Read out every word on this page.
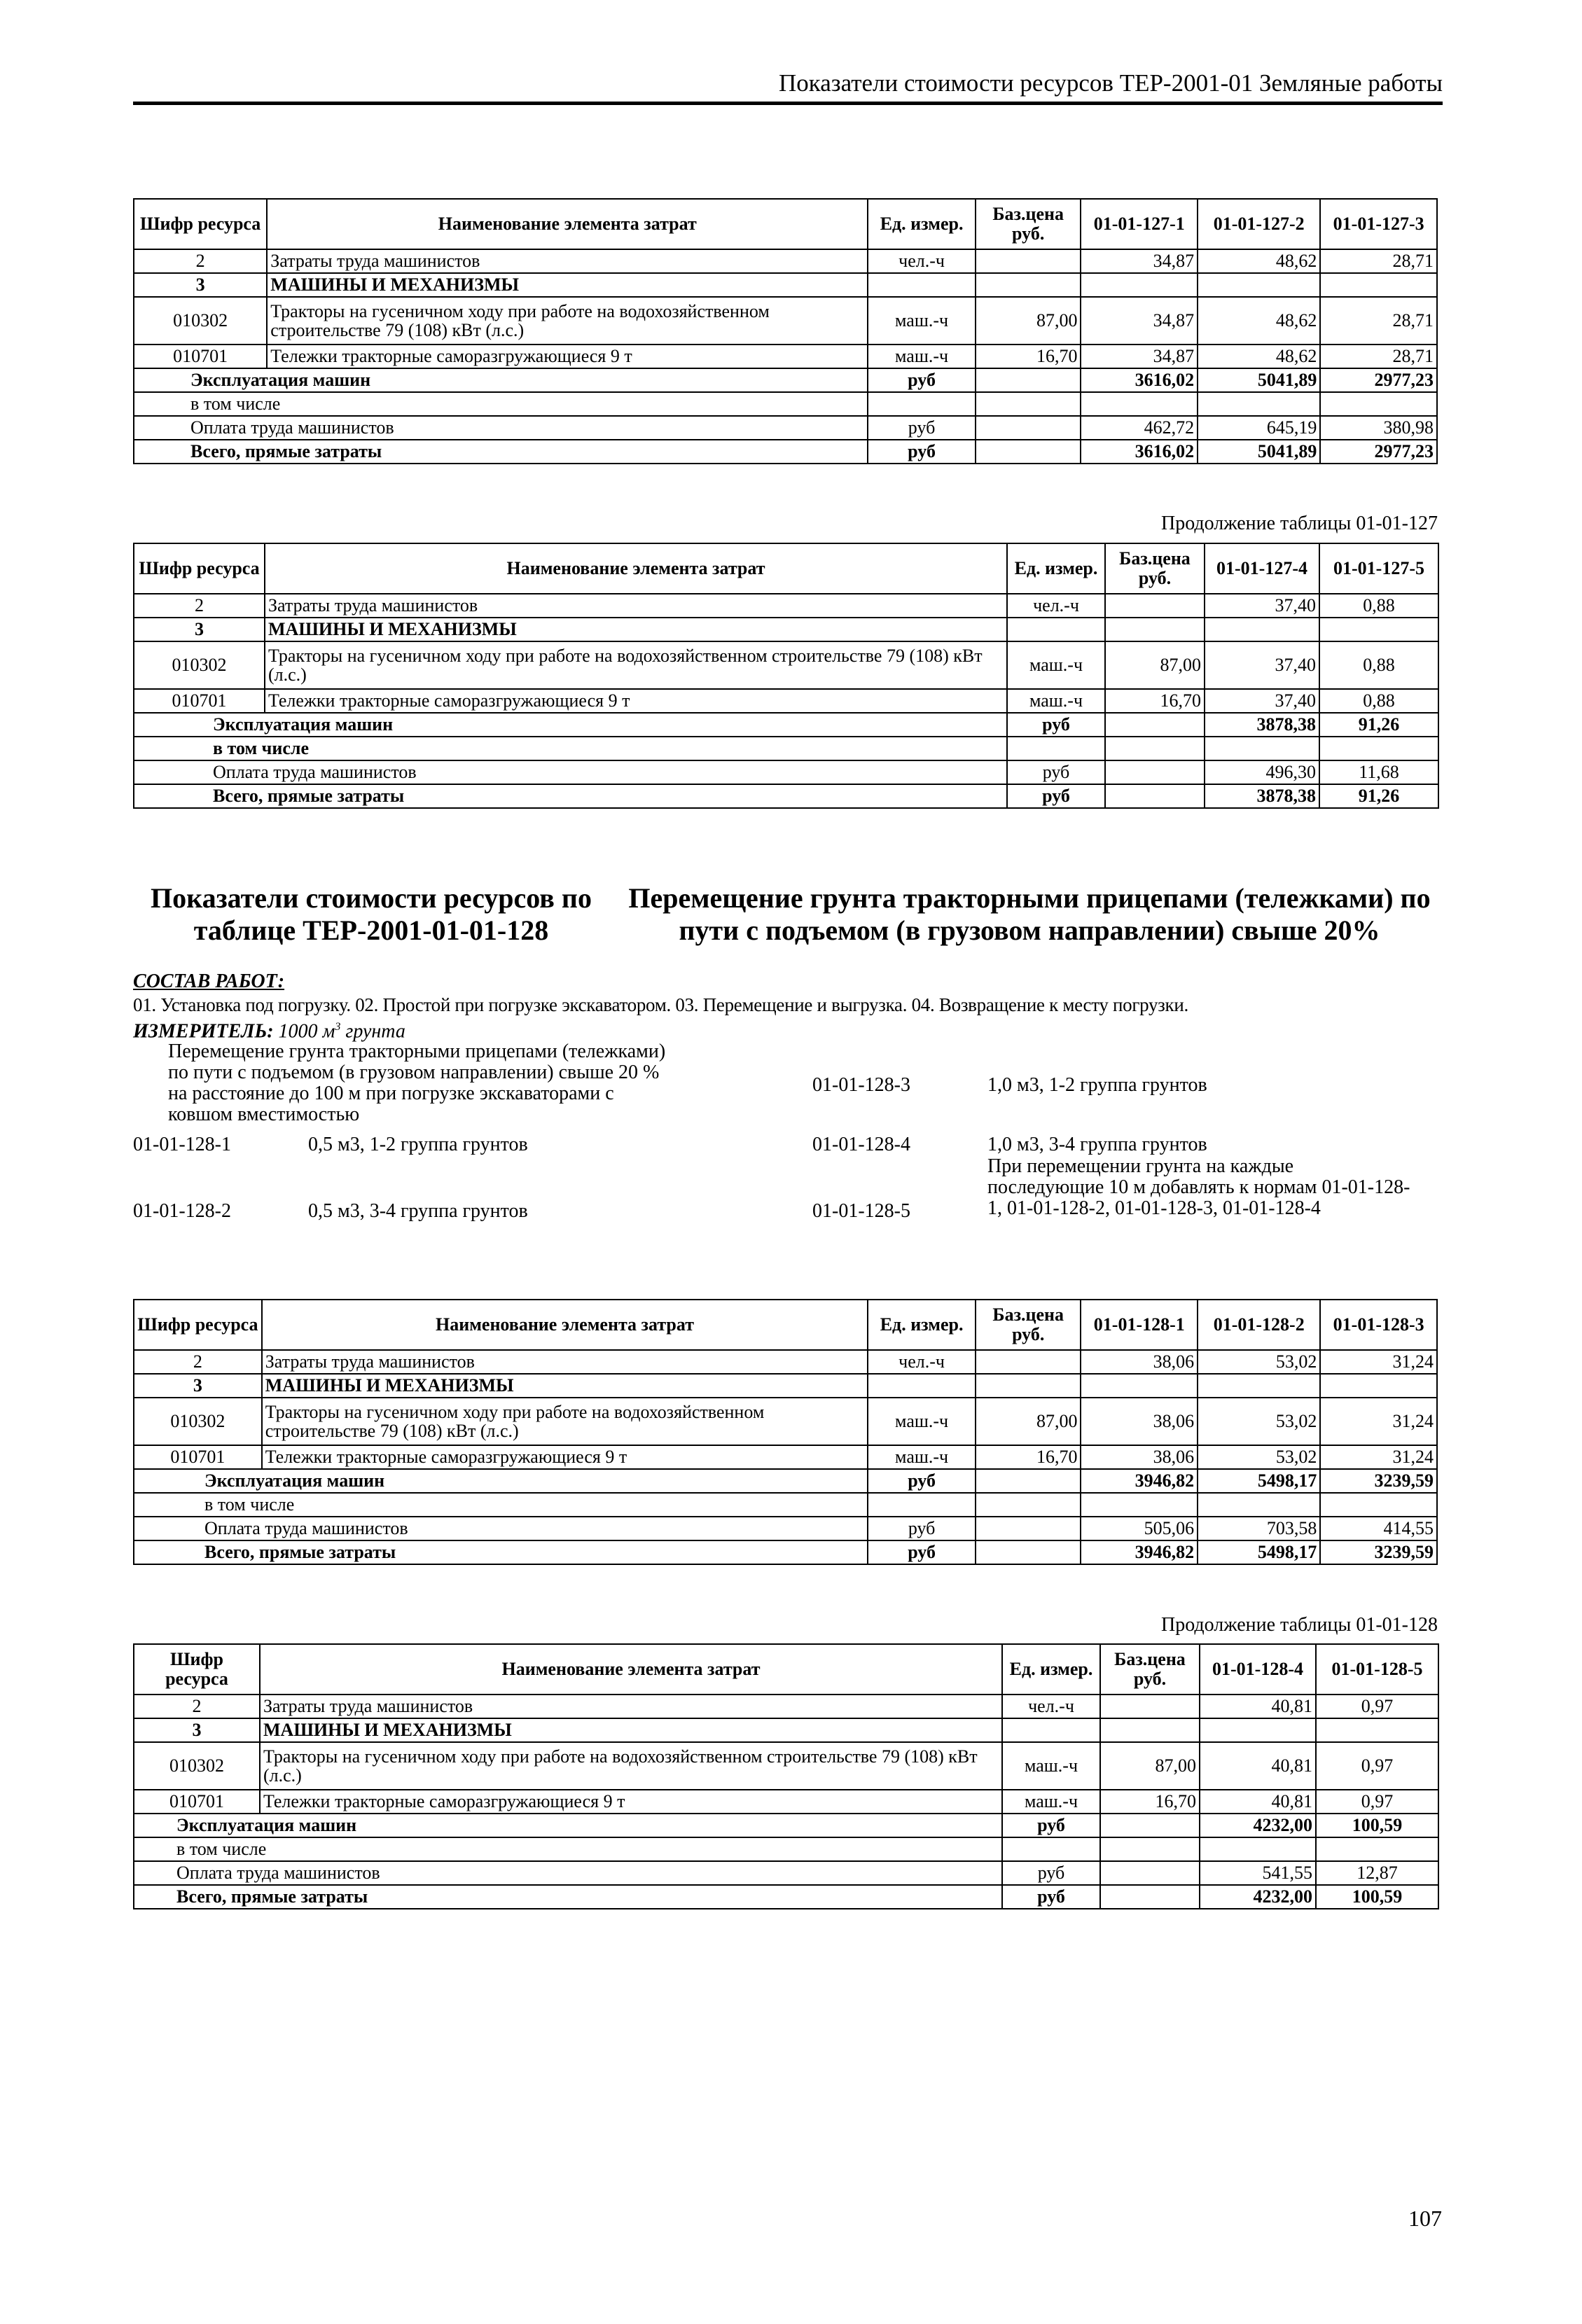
Показатели стоимости ресурсов ТЕР-2001-01 Земляные работы
Шифр ресурса	Наименование элемента затрат	Ед. измер.	Баз.цена руб.	01-01-127-1	01-01-127-2	01-01-127-3
2	Затраты труда машинистов	чел.-ч		34,87	48,62	28,71
3	МАШИНЫ И МЕХАНИЗМЫ					
010302	Тракторы на гусеничном ходу при работе на водохозяйственном строительстве 79 (108) кВт (л.с.)	маш.-ч	87,00	34,87	48,62	28,71
010701	Тележки тракторные саморазгружающиеся 9 т	маш.-ч	16,70	34,87	48,62	28,71
Эксплуатация машин		руб		3616,02	5041,89	2977,23
в том числе						
Оплата труда машинистов		руб		462,72	645,19	380,98
Всего, прямые затраты		руб		3616,02	5041,89	2977,23
Продолжение таблицы 01-01-127
Шифр ресурса	Наименование элемента затрат	Ед. измер.	Баз.цена руб.	01-01-127-4	01-01-127-5
2	Затраты труда машинистов	чел.-ч		37,40	0,88
3	МАШИНЫ И МЕХАНИЗМЫ				
010302	Тракторы на гусеничном ходу при работе на водохозяйственном строительстве 79 (108) кВт (л.с.)	маш.-ч	87,00	37,40	0,88
010701	Тележки тракторные саморазгружающиеся 9 т	маш.-ч	16,70	37,40	0,88
Эксплуатация машин		руб		3878,38	91,26
в том числе					
Оплата труда машинистов		руб		496,30	11,68
Всего, прямые затраты		руб		3878,38	91,26
Показатели стоимости ресурсов по
таблице ТЕР-2001-01-01-128
Перемещение грунта тракторными прицепами (тележками) по
пути с подъемом (в грузовом направлении) свыше 20%
СОСТАВ РАБОТ:
01. Установка под погрузку. 02. Простой при погрузке экскаватором. 03. Перемещение и выгрузка. 04. Возвращение к месту погрузки.
ИЗМЕРИТЕЛЬ: 1000 $м^3$ грунта
Перемещение грунта тракторными прицепами (тележками)
по пути с подъемом (в грузовом направлении) свыше 20 %
на расстояние до 100 м при погрузке экскаваторами с
ковшом вместимостью
01-01-128-1	0,5 м3, 1-2 группа грунтов
01-01-128-2	0,5 м3, 3-4 группа грунтов
01-01-128-3	1,0 м3, 1-2 группа грунтов
01-01-128-4	1,0 м3, 3-4 группа грунтов
01-01-128-5
При перемещении грунта на каждые последующие 10 м добавлять к нормам 01-01-128-1, 01-01-128-2, 01-01-128-3, 01-01-128-4
Шифр ресурса	Наименование элемента затрат	Ед. измер.	Баз.цена руб.	01-01-128-1	01-01-128-2	01-01-128-3
2	Затраты труда машинистов	чел.-ч		38,06	53,02	31,24
3	МАШИНЫ И МЕХАНИЗМЫ					
010302	Тракторы на гусеничном ходу при работе на водохозяйственном строительстве 79 (108) кВт (л.с.)	маш.-ч	87,00	38,06	53,02	31,24
010701	Тележки тракторные саморазгружающиеся 9 т	маш.-ч	16,70	38,06	53,02	31,24
Эксплуатация машин		руб		3946,82	5498,17	3239,59
в том числе						
Оплата труда машинистов		руб		505,06	703,58	414,55
Всего, прямые затраты		руб		3946,82	5498,17	3239,59
Продолжение таблицы 01-01-128
Шифр ресурса	Наименование элемента затрат	Ед. измер.	Баз.цена руб.	01-01-128-4	01-01-128-5
2	Затраты труда машинистов	чел.-ч		40,81	0,97
3	МАШИНЫ И МЕХАНИЗМЫ				
010302	Тракторы на гусеничном ходу при работе на водохозяйственном строительстве 79 (108) кВт (л.с.)	маш.-ч	87,00	40,81	0,97
010701	Тележки тракторные саморазгружающиеся 9 т	маш.-ч	16,70	40,81	0,97
Эксплуатация машин		руб		4232,00	100,59
в том числе					
Оплата труда машинистов		руб		541,55	12,87
Всего, прямые затраты		руб		4232,00	100,59
107
